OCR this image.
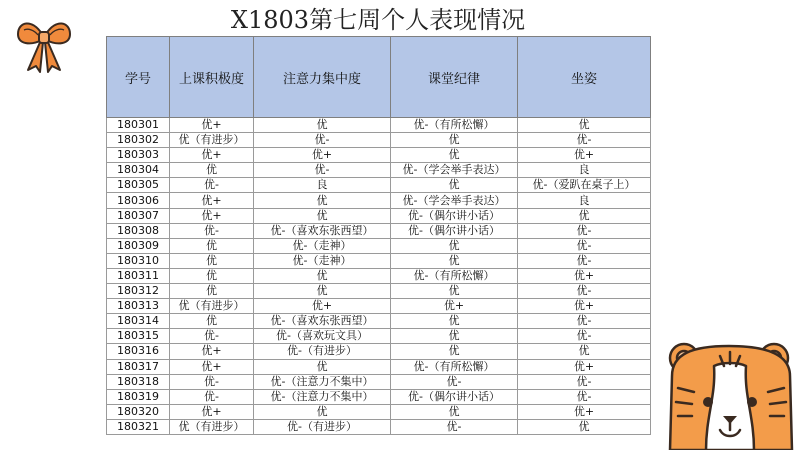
X1803第七周个人表现情况
学号	上课积极度	注意力集中度	课堂纪律	坐姿
180301	优+	优	优-（有所松懈）	优
180302	优（有进步）	优-	优	优-
180303	优+	优+	优	优+
180304	优	优-	优-（学会举手表达）	良
180305	优-	良	优	优-（爱趴在桌子上）
180306	优+	优	优-（学会举手表达）	良
180307	优+	优	优-（偶尔讲小话）	优
180308	优-	优-（喜欢东张西望）	优-（偶尔讲小话）	优-
180309	优	优-（走神）	优	优-
180310	优	优-（走神）	优	优-
180311	优	优	优-（有所松懈）	优+
180312	优	优	优	优-
180313	优（有进步）	优+	优+	优+
180314	优	优-（喜欢东张西望）	优	优-
180315	优-	优-（喜欢玩文具）	优	优-
180316	优+	优-（有进步）	优	优
180317	优+	优	优-（有所松懈）	优+
180318	优-	优-（注意力不集中）	优-	优-
180319	优-	优-（注意力不集中）	优-（偶尔讲小话）	优-
180320	优+	优	优	优+
180321	优（有进步）	优-（有进步）	优-	优
